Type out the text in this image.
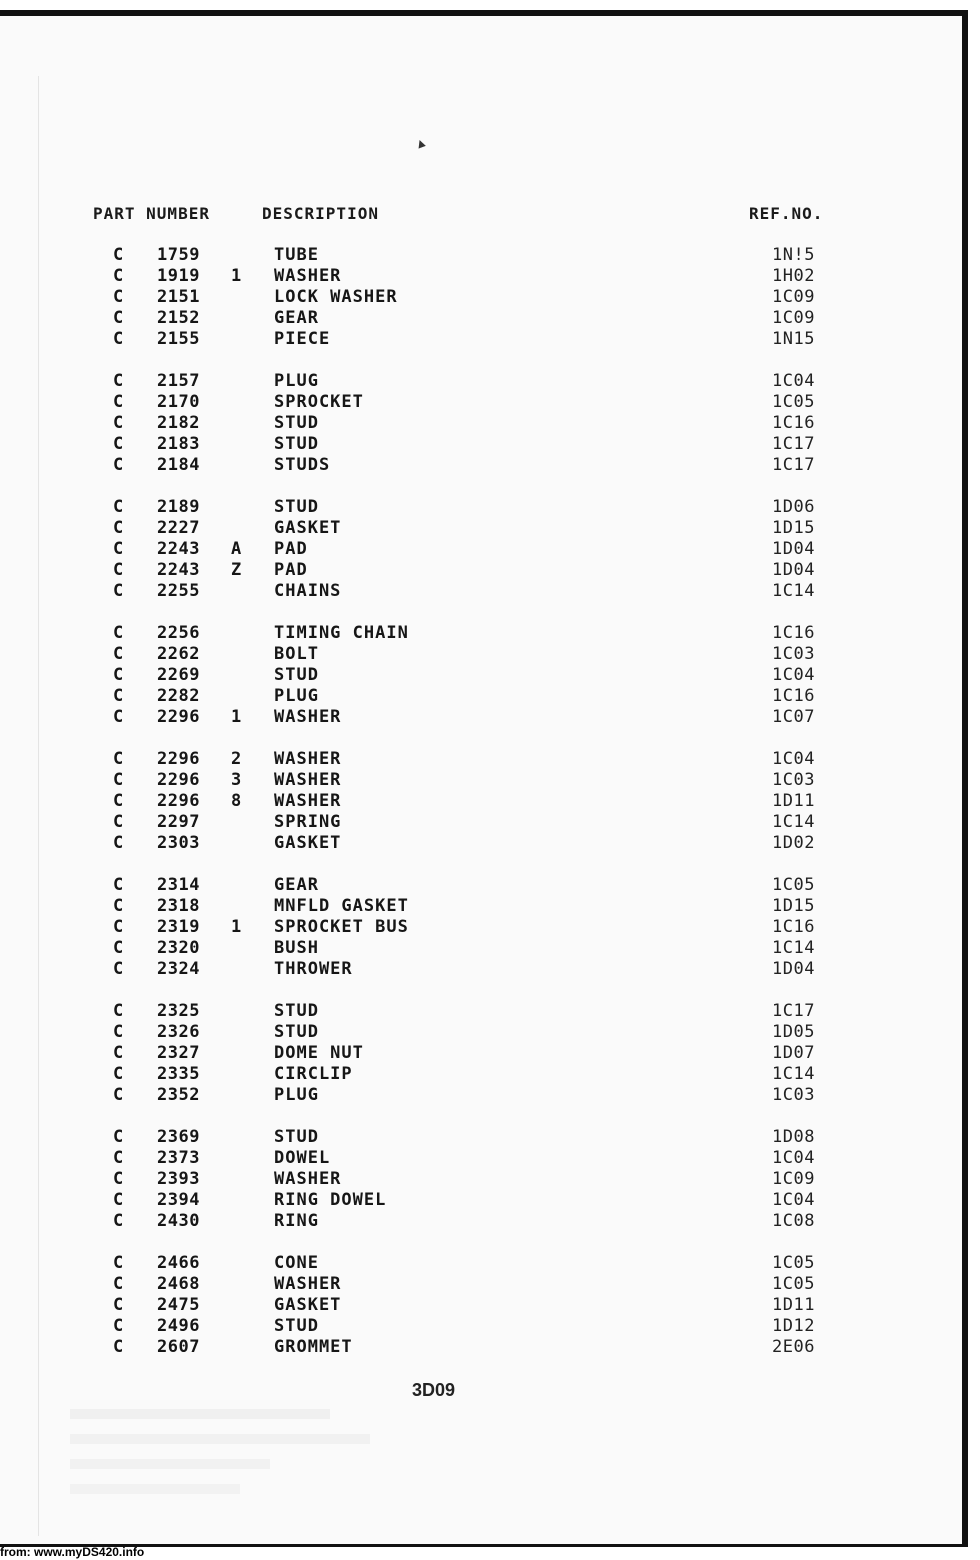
▲
PART NUMBER	DESCRIPTION	REF.NO.
C 1759	TUBE	1N!5
C 1919 1 WASHER	1H02
C 2151	LOCK WASHER	1C09
C 2152	GEAR	1C09
C 2155	PIECE	1N15
C 2157	PLUG	1C04
C 2170	SPROCKET	1C05
C 2182	STUD	1C16
C 2183	STUD	1C17
C 2184	STUDS	1C17
C 2189	STUD	1D06
C 2227	GASKET	1D15
C 2243 A PAD	1D04
C 2243 Z PAD	1D04
C 2255	CHAINS	1C14
C 2256	TIMING CHAIN	1C16
C 2262	BOLT	1C03
C 2269	STUD	1C04
C 2282	PLUG	1C16
C 2296 1 WASHER	1C07
C 2296 2 WASHER	1C04
C 2296 3 WASHER	1C03
C 2296 8 WASHER	1D11
C 2297	SPRING	1C14
C 2303	GASKET	1D02
C 2314	GEAR	1C05
C 2318	MNFLD GASKET	1D15
C 2319 1 SPROCKET BUS	1C16
C 2320	BUSH	1C14
C 2324	THROWER	1D04
C 2325	STUD	1C17
C 2326	STUD	1D05
C 2327	DOME NUT	1D07
C 2335	CIRCLIP	1C14
C 2352	PLUG	1C03
C 2369	STUD	1D08
C 2373	DOWEL	1C04
C 2393	WASHER	1C09
C 2394	RING DOWEL	1C04
C 2430	RING	1C08
C 2466	CONE	1C05
C 2468	WASHER	1C05
C 2475	GASKET	1D11
C 2496	STUD	1D12
C 2607	GROMMET	2E06
3D09
from: www.myDS420.info
